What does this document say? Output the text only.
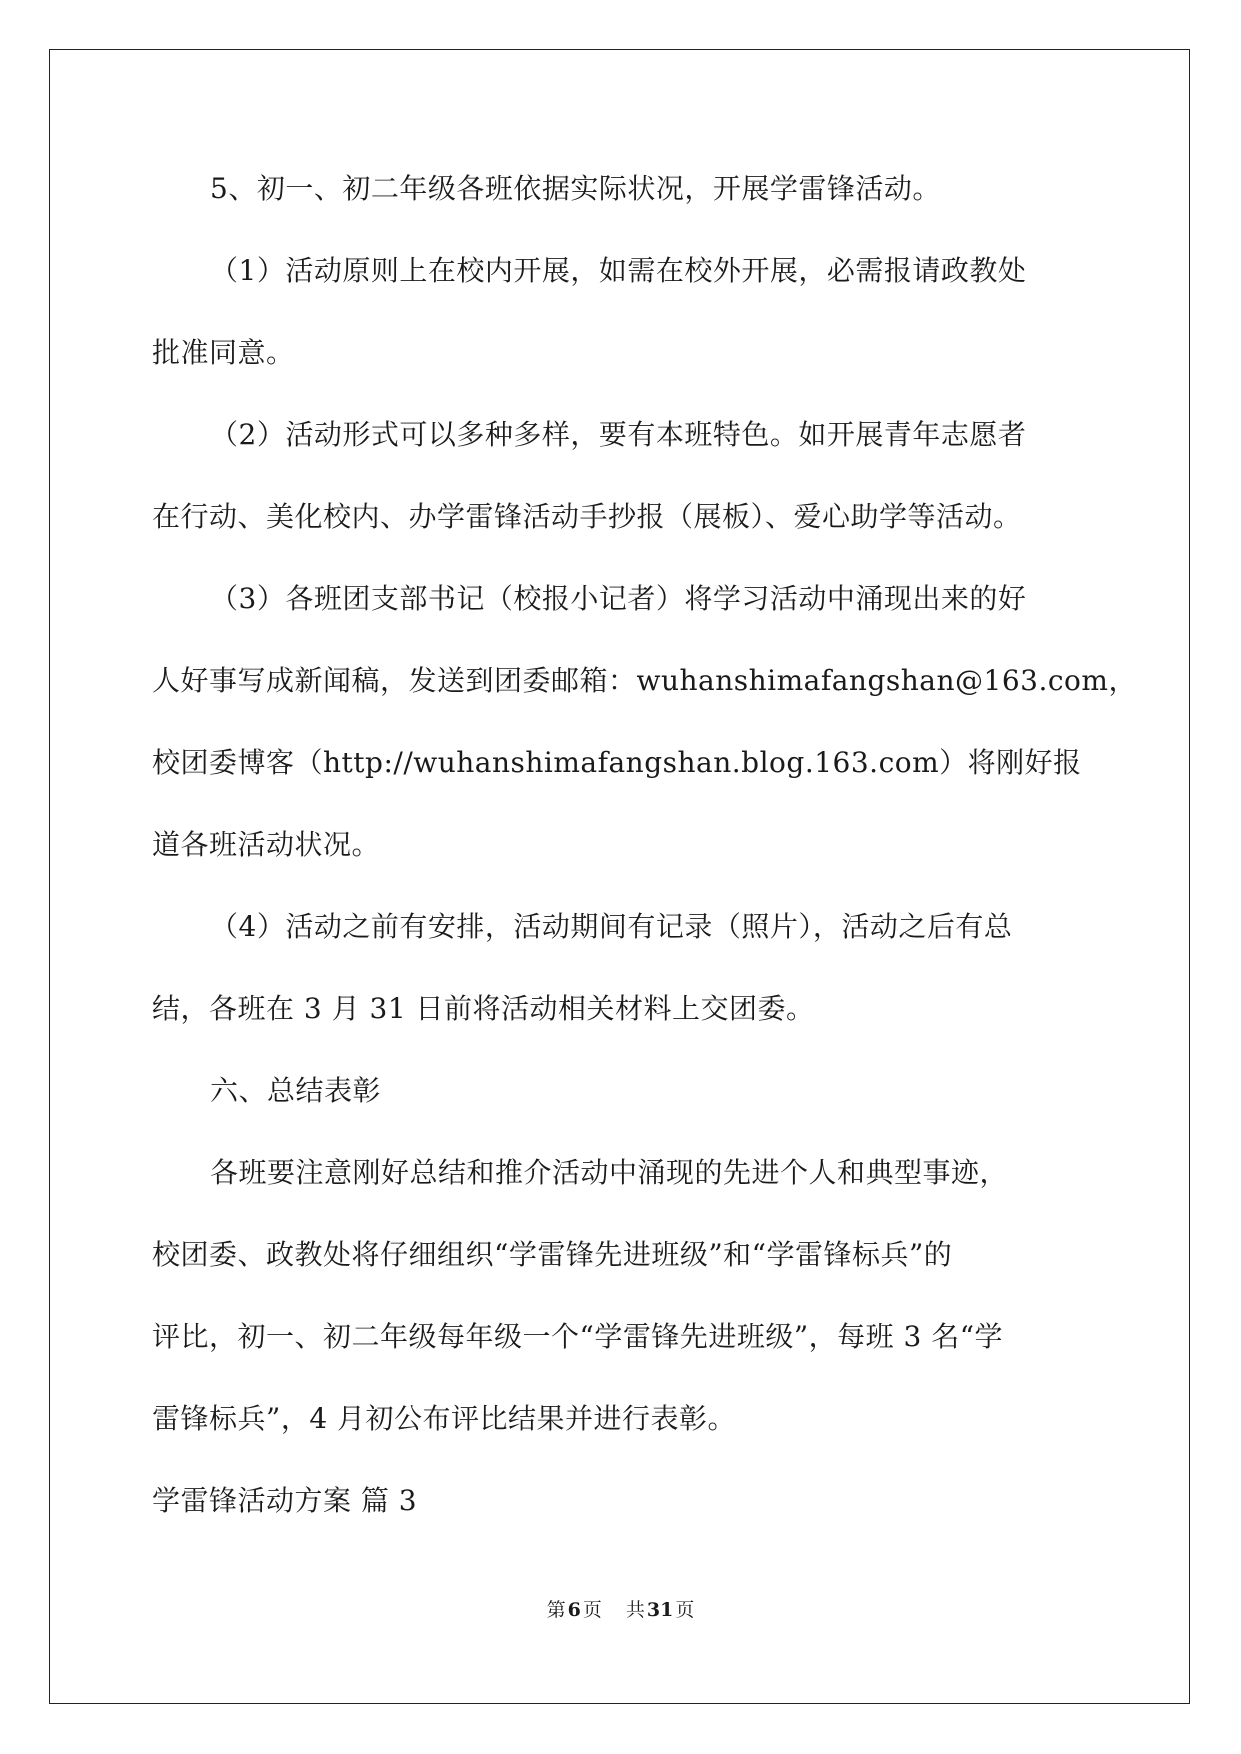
5、初一、初二年级各班依据实际状况，开展学雷锋活动。
（1）活动原则上在校内开展，如需在校外开展，必需报请政教处
批准同意。
（2）活动形式可以多种多样，要有本班特色。如开展青年志愿者
在行动、美化校内、办学雷锋活动手抄报（展板）、爱心助学等活动。
（3）各班团支部书记（校报小记者）将学习活动中涌现出来的好
人好事写成新闻稿，发送到团委邮箱：wuhanshimafangshan@163.com，
校团委博客（http://wuhanshimafangshan.blog.163.com）将刚好报
道各班活动状况。
（4）活动之前有安排，活动期间有记录（照片），活动之后有总
结，各班在 3 月 31 日前将活动相关材料上交团委。
六、总结表彰
各班要注意刚好总结和推介活动中涌现的先进个人和典型事迹，
校团委、政教处将仔细组织“学雷锋先进班级”和“学雷锋标兵”的
评比，初一、初二年级每年级一个“学雷锋先进班级”，每班 3 名“学
雷锋标兵”，4 月初公布评比结果并进行表彰。
学雷锋活动方案 篇 3
第 6 页 共 31 页
